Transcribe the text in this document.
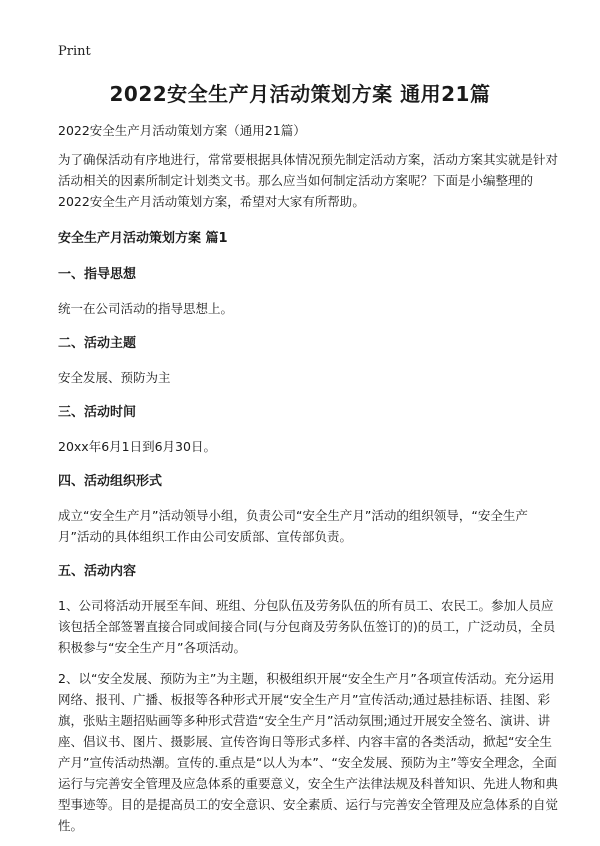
Print
2022安全生产月活动策划方案 通用21篇

2022安全生产月活动策划方案（通用21篇）

为了确保活动有序地进行，常常要根据具体情况预先制定活动方案，活动方案其实就是针对活动相关的因素所制定计划类文书。那么应当如何制定活动方案呢？下面是小编整理的2022安全生产月活动策划方案，希望对大家有所帮助。

安全生产月活动策划方案 篇1
一、指导思想

统一在公司活动的指导思想上。

二、活动主题

安全发展、预防为主

三、活动时间

20xx年6月1日到6月30日。

四、活动组织形式

成立“安全生产月”活动领导小组，负责公司“安全生产月”活动的组织领导，“安全生产月”活动的具体组织工作由公司安质部、宣传部负责。

五、活动内容

1、公司将活动开展至车间、班组、分包队伍及劳务队伍的所有员工、农民工。参加人员应该包括全部签署直接合同或间接合同(与分包商及劳务队伍签订的)的员工，广泛动员，全员积极参与“安全生产月”各项活动。

2、以“安全发展、预防为主”为主题，积极组织开展“安全生产月”各项宣传活动。充分运用网络、报刊、广播、板报等各种形式开展“安全生产月”宣传活动;通过悬挂标语、挂图、彩旗，张贴主题招贴画等多种形式营造“安全生产月”活动氛围;通过开展安全签名、演讲、讲座、倡议书、图片、摄影展、宣传咨询日等形式多样、内容丰富的各类活动，掀起“安全生产月”宣传活动热潮。宣传的.重点是“以人为本”、“安全发展、预防为主”等安全理念，全面运行与完善安全管理及应急体系的重要意义，安全生产法律法规及科普知识、先进人物和典型事迹等。目的是提高员工的安全意识、安全素质、运行与完善安全管理及应急体系的自觉性。
